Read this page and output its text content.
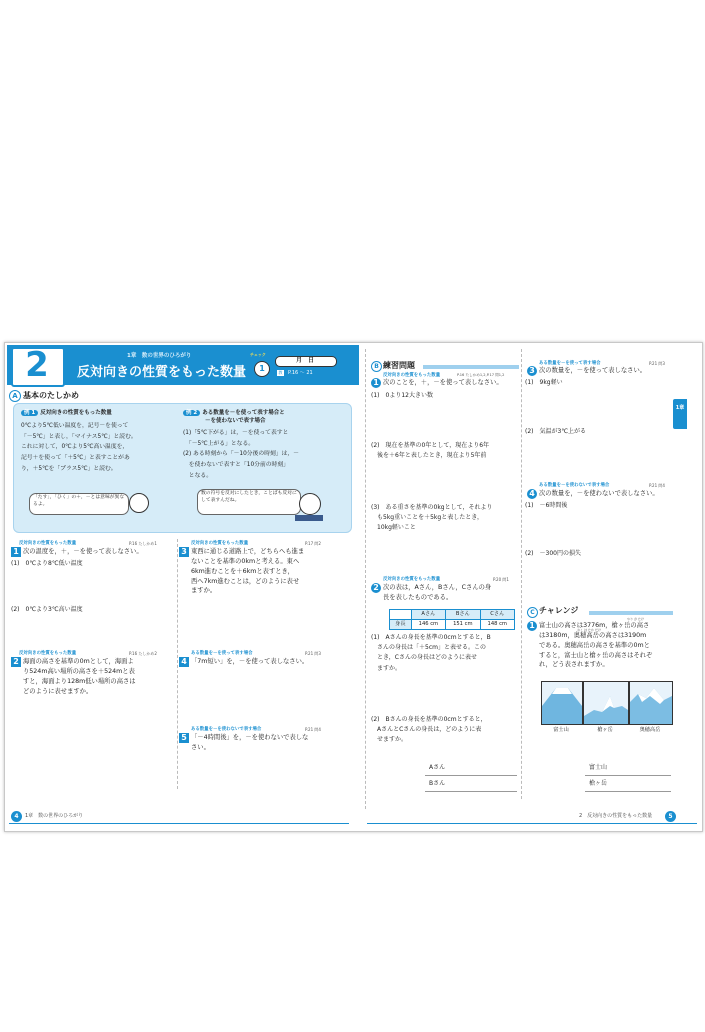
2	1章　数の世界のひろがり
反対向きの性質をもった数量	1
チェック
月　日
教	P.16 〜 21
A 基本のたしかめ
例 1 反対向きの性質をもった数量
0℃より5℃低い温度を，記号－を使って
「－5℃」と表し，「マイナス5℃」と読む。
これに対して，0℃より5℃高い温度を，
記号＋を使って「＋5℃」と表すことがあ
り，＋5℃を「プラス5℃」と読む。
「たす」，「ひく」の＋，－とは意味が異なるよ。
例 2 ある数量を－を使って表す場合と
－を使わないで表す場合
(1)「5℃下がる」は，－を使って表すと
　「－5℃上がる」となる。
(2) ある時刻から「－10分後の時刻」は，－
　を使わないで表すと「10分前の時刻」
　となる。
数の符号を反対にしたとき，ことばも反対にして表すんだね。
反対向きの性質をもった数量	P.16 たしかめ1
1 次の温度を，＋，－を使って表しなさい。
(1)　0℃より8℃低い温度
(2)　0℃より3℃高い温度
反対向きの性質をもった数量	P.16 たしかめ2
2 海面の高さを基準の0mとして，海面よ
り524m高い場所の高さを＋524mと表
すと，海面より128m低い場所の高さは
どのように表せますか。
反対向きの性質をもった数量	P.17 問2
3 東西に通じる道路上で，どちらへも進ま
ないことを基準の0kmと考える。東へ
6km進むことを＋6kmと表すとき，
西へ7km進むことは，どのように表せ
ますか。
ある数量を－を使って表す場合	P.21 問3
4 「7m短い」を，－を使って表しなさい。
ある数量を－を使わないで表す場合	P.21 問4
5 「－4時間後」を，－を使わないで表しな
さい。
4	1章　数の世界のひろがり
B 練習問題
反対向きの性質をもった数量	P.16 たしかめ1,2,P.17 問1,2
1 次のことを，＋，－を使って表しなさい。
(1)　0より12大きい数
(2)　現在を基準の0年として，現在より6年
　後を＋6年と表したとき，現在より5年前
(3)　ある重さを基準の0kgとして，それより
　も5kg重いことを＋5kgと表したとき，
　10kg軽いこと
反対向きの性質をもった数量	P.20 問1
2 次の表は，Aさん，Bさん，Cさんの身
長を表したものである。
	Aさん	Bさん	Cさん
身長	146 cm	151 cm	148 cm
(1)　Aさんの身長を基準の0cmとすると，B
　さんの身長は「＋5cm」と表せる。この
　とき，Cさんの身長はどのように表せ
　ますか。
(2)　Bさんの身長を基準の0cmとすると，
　AさんとCさんの身長は，どのように表
　せますか。
Aさん
Bさん
ある数量を－を使って表す場合	P.21 問3
3 次の数量を，－を使って表しなさい。
(1)　9kg軽い
(2)　気温が3℃上がる
ある数量を－を使わないで表す場合	P.21 問4
4 次の数量を，－を使わないで表しなさい。
(1)　－6時間後
(2)　－300円の損失
C チャレンジ
やり が たけ
おく ほ たか だけ
1 富士山の高さは3776m，槍ヶ岳の高さ
は3180m，奥穂高岳の高さは3190m
である。奥穂高岳の高さを基準の0mと
すると，富士山と槍ヶ岳の高さはそれぞ
れ，どう表されますか。
富士山	槍ヶ岳	奥穂高岳
富士山
槍ヶ岳
1章
2　反対向きの性質をもった数量	5
